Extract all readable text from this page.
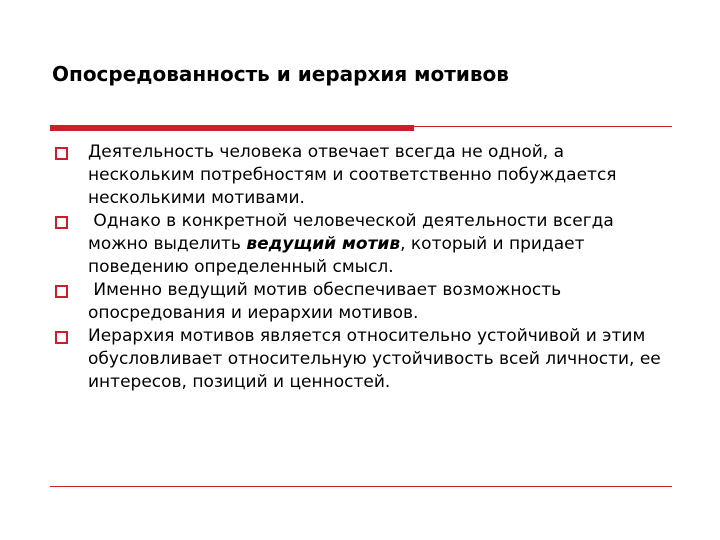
Опосредованность и иерархия мотивов
Деятельность человека отвечает всегда не одной, а нескольким потребностям и соответственно побуждается несколькими мотивами.
Однако в конкретной человеческой деятельности всегда можно выделить ведущий мотив, который и придает поведению определенный смысл.
Именно ведущий мотив обеспечивает возможность опосредования и иерархии мотивов.
Иерархия мотивов является относительно устойчивой и этим обусловливает относительную устойчивость всей личности, ее интересов, позиций и ценностей.
